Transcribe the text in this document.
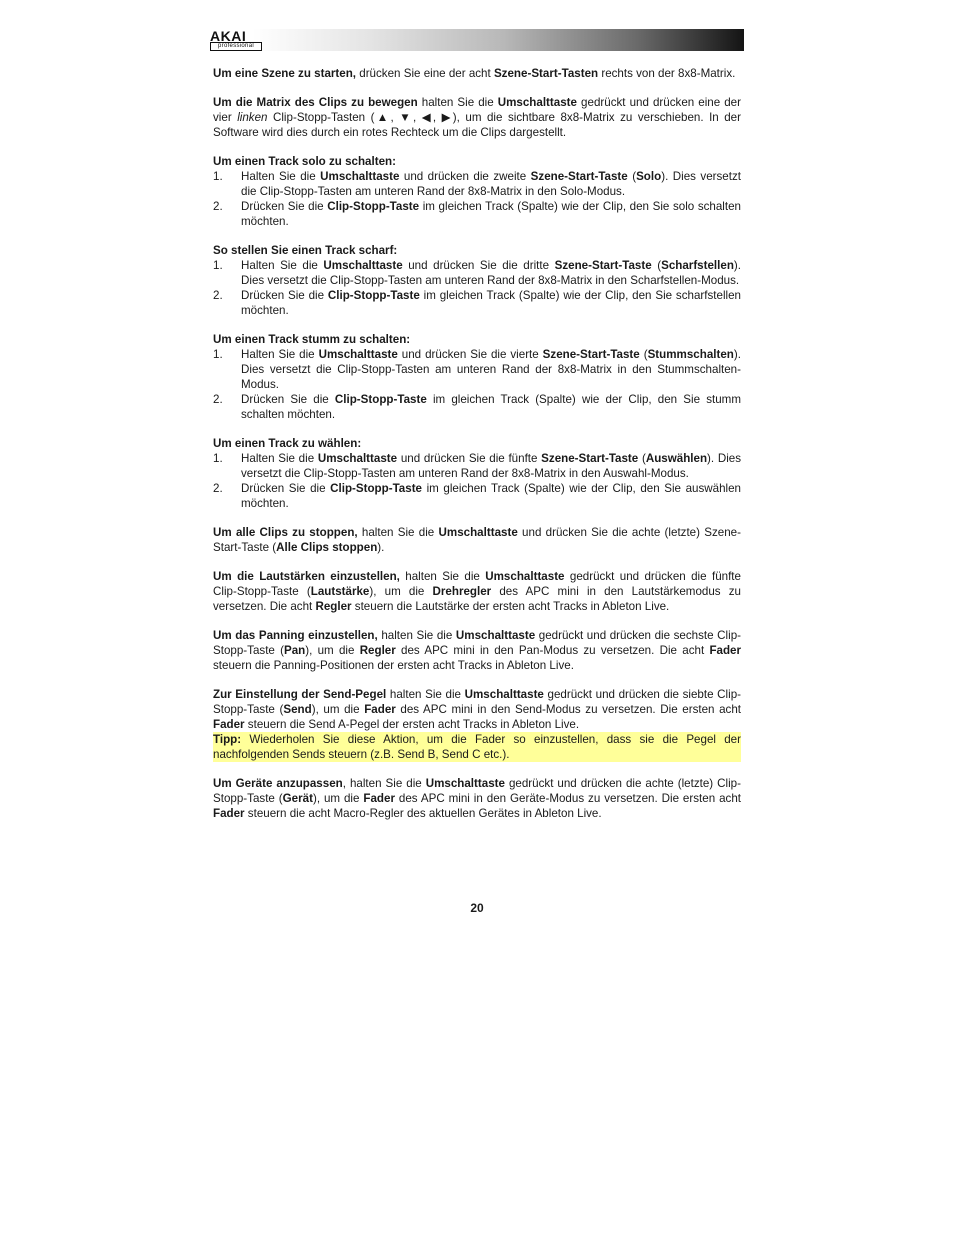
AKAI
professional

Um eine Szene zu starten, drücken Sie eine der acht Szene-Start-Tasten rechts von der 8x8-Matrix.

Um die Matrix des Clips zu bewegen halten Sie die Umschalttaste gedrückt und drücken eine der vier linken Clip-Stopp-Tasten (▲, ▼, ◀, ▶), um die sichtbare 8x8-Matrix zu verschieben. In der Software wird dies durch ein rotes Rechteck um die Clips dargestellt.

Um einen Track solo zu schalten:

1. Halten Sie die Umschalttaste und drücken die zweite Szene-Start-Taste (Solo). Dies versetzt die Clip-Stopp-Tasten am unteren Rand der 8x8-Matrix in den Solo-Modus.
2. Drücken Sie die Clip-Stopp-Taste im gleichen Track (Spalte) wie der Clip, den Sie solo schalten möchten.

So stellen Sie einen Track scharf:

1. Halten Sie die Umschalttaste und drücken Sie die dritte Szene-Start-Taste (Scharfstellen). Dies versetzt die Clip-Stopp-Tasten am unteren Rand der 8x8-Matrix in den Scharfstellen-Modus.
2. Drücken Sie die Clip-Stopp-Taste im gleichen Track (Spalte) wie der Clip, den Sie scharfstellen möchten.

Um einen Track stumm zu schalten:

1. Halten Sie die Umschalttaste und drücken Sie die vierte Szene-Start-Taste (Stummschalten). Dies versetzt die Clip-Stopp-Tasten am unteren Rand der 8x8-Matrix in den Stummschalten-Modus.
2. Drücken Sie die Clip-Stopp-Taste im gleichen Track (Spalte) wie der Clip, den Sie stumm schalten möchten.

Um einen Track zu wählen:

1. Halten Sie die Umschalttaste und drücken Sie die fünfte Szene-Start-Taste (Auswählen). Dies versetzt die Clip-Stopp-Tasten am unteren Rand der 8x8-Matrix in den Auswahl-Modus.
2. Drücken Sie die Clip-Stopp-Taste im gleichen Track (Spalte) wie der Clip, den Sie auswählen möchten.

Um alle Clips zu stoppen, halten Sie die Umschalttaste und drücken Sie die achte (letzte) Szene-Start-Taste (Alle Clips stoppen).

Um die Lautstärken einzustellen, halten Sie die Umschalttaste gedrückt und drücken die fünfte Clip-Stopp-Taste (Lautstärke), um die Drehregler des APC mini in den Lautstärkemodus zu versetzen. Die acht Regler steuern die Lautstärke der ersten acht Tracks in Ableton Live.

Um das Panning einzustellen, halten Sie die Umschalttaste gedrückt und drücken die sechste Clip-Stopp-Taste (Pan), um die Regler des APC mini in den Pan-Modus zu versetzen. Die acht Fader steuern die Panning-Positionen der ersten acht Tracks in Ableton Live.

Zur Einstellung der Send-Pegel halten Sie die Umschalttaste gedrückt und drücken die siebte Clip-Stopp-Taste (Send), um die Fader des APC mini in den Send-Modus zu versetzen. Die ersten acht Fader steuern die Send A-Pegel der ersten acht Tracks in Ableton Live.

Tipp: Wiederholen Sie diese Aktion, um die Fader so einzustellen, dass sie die Pegel der nachfolgenden Sends steuern (z.B. Send B, Send C etc.).

Um Geräte anzupassen, halten Sie die Umschalttaste gedrückt und drücken die achte (letzte) Clip-Stopp-Taste (Gerät), um die Fader des APC mini in den Geräte-Modus zu versetzen. Die ersten acht Fader steuern die acht Macro-Regler des aktuellen Gerätes in Ableton Live.

20
